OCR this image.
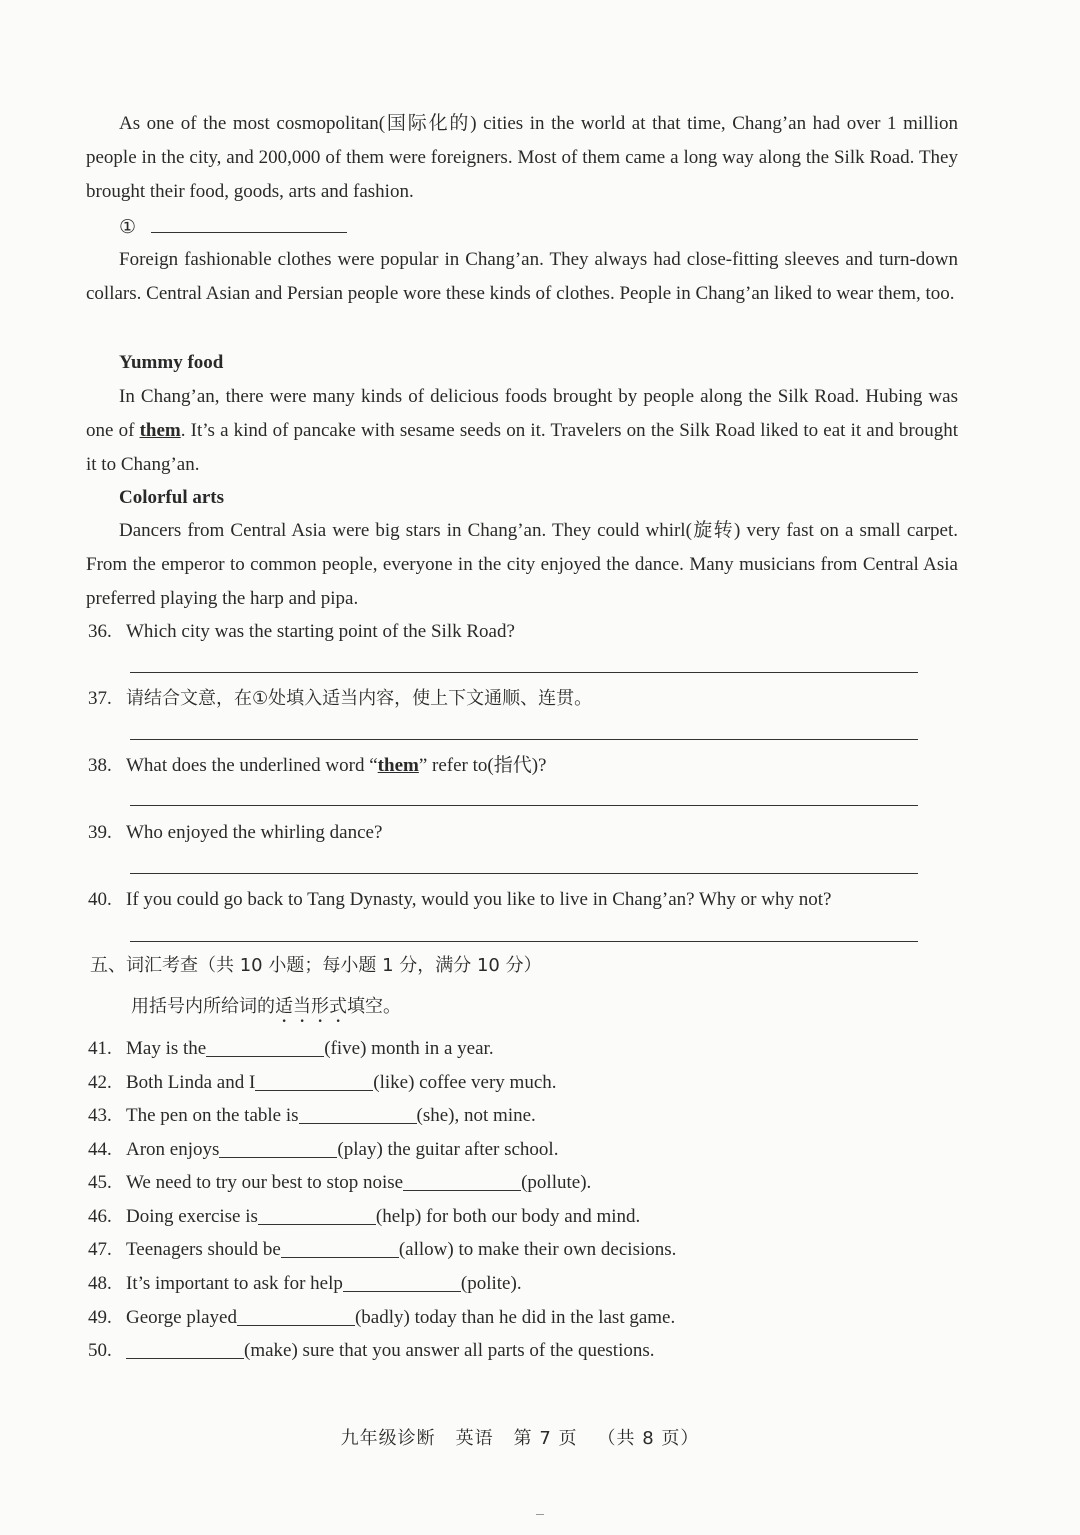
As one of the most cosmopolitan(国际化的) cities in the world at that time, Chang’an had over 1 million people in the city, and 200,000 of them were foreigners. Most of them came a long way along the Silk Road. They brought their food, goods, arts and fashion.
①
Foreign fashionable clothes were popular in Chang’an. They always had close-fitting sleeves and turn-down collars. Central Asian and Persian people wore these kinds of clothes. People in Chang’an liked to wear them, too.
Yummy food
In Chang’an, there were many kinds of delicious foods brought by people along the Silk Road. Hubing was one of them. It’s a kind of pancake with sesame seeds on it. Travelers on the Silk Road liked to eat it and brought it to Chang’an.
Colorful arts
Dancers from Central Asia were big stars in Chang’an. They could whirl(旋转) very fast on a small carpet. From the emperor to common people, everyone in the city enjoyed the dance. Many musicians from Central Asia preferred playing the harp and pipa.
36. Which city was the starting point of the Silk Road?
37. 请结合文意，在①处填入适当内容，使上下文通顺、连贯。
38. What does the underlined word “them” refer to(指代)?
39. Who enjoyed the whirling dance?
40. If you could go back to Tang Dynasty, would you like to live in Chang’an? Why or why not?
五、词汇考查（共 10 小题；每小题 1 分，满分 10 分）
用括号内所给词的适当形式填空。
41. May is the	(five) month in a year.
42. Both Linda and I	(like) coffee very much.
43. The pen on the table is	(she), not mine.
44. Aron enjoys	(play) the guitar after school.
45. We need to try our best to stop noise	(pollute).
46. Doing exercise is	(help) for both our body and mind.
47. Teenagers should be	(allow) to make their own decisions.
48. It’s important to ask for help	(polite).
49. George played	(badly) today than he did in the last game.
50.	(make) sure that you answer all parts of the questions.
九年级诊断 英语 第 7 页 （共 8 页）
